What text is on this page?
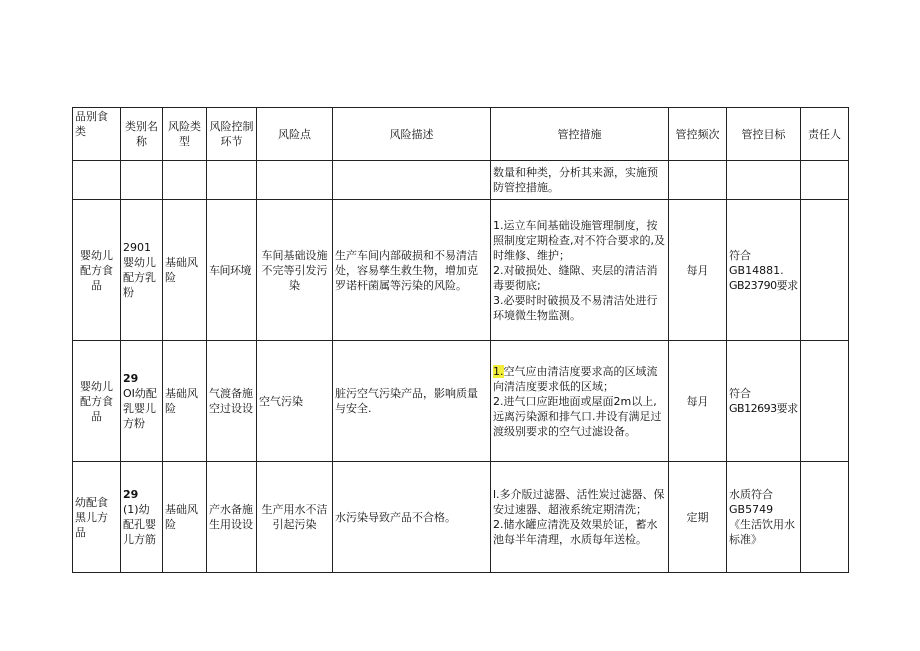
品别食类	类别名称	风险类型	风险控制环节	风险点	风险描述	管控措施	管控频次	管控目标	责任人

						数量和种类，分析其来源，实施预防管控措施。			

婴幼儿配方食品	2901婴幼儿配方乳粉	基础风险	车间环境	车间基础设施不完等引发污染	生产车间内部破损和不易清洁处，容易孳生救生物，增加克罗诺杆菌属等污染的风险。	1.运立车间基础设施管理制度，按照制度定期检查,对不符合要求的,及时维修、维护；
2.对破损处、缝隙、夹层的清洁消毒要彻底;
3.必要时时破损及不易清洁处进行环境微生物监测。	每月	符合
GB14881.
GB23790要求	

婴幼儿配方食品	29
OI幼配乳婴儿方粉	基础风险	气渡备施空过设设	空气污染	脏污空气污染产品，影响质量与安全.	1.空气应由清洁度要求高的区域流向清洁度要求低的区域；
2.进气口应距地面或屋面2m以上,远离污染源和排气口.井设有满足过渡级别要求的空气过滤设备。	每月	符合
GB12693要求	

幼配食黑儿方品	29
(1)幼配孔婴儿方筋	基础风险	产水备施生用设设	生产用水不洁引起污染	水污染导致产品不合格。	l.多介版过滤器、活性炭过滤器、保安过速器、超液系统定期清洗；
2.储水罐应清洗及效果於证，蓄水池每半年清理，水质每年送检。	定期	水质符合
GB5749
《生活饮用水标准》	
